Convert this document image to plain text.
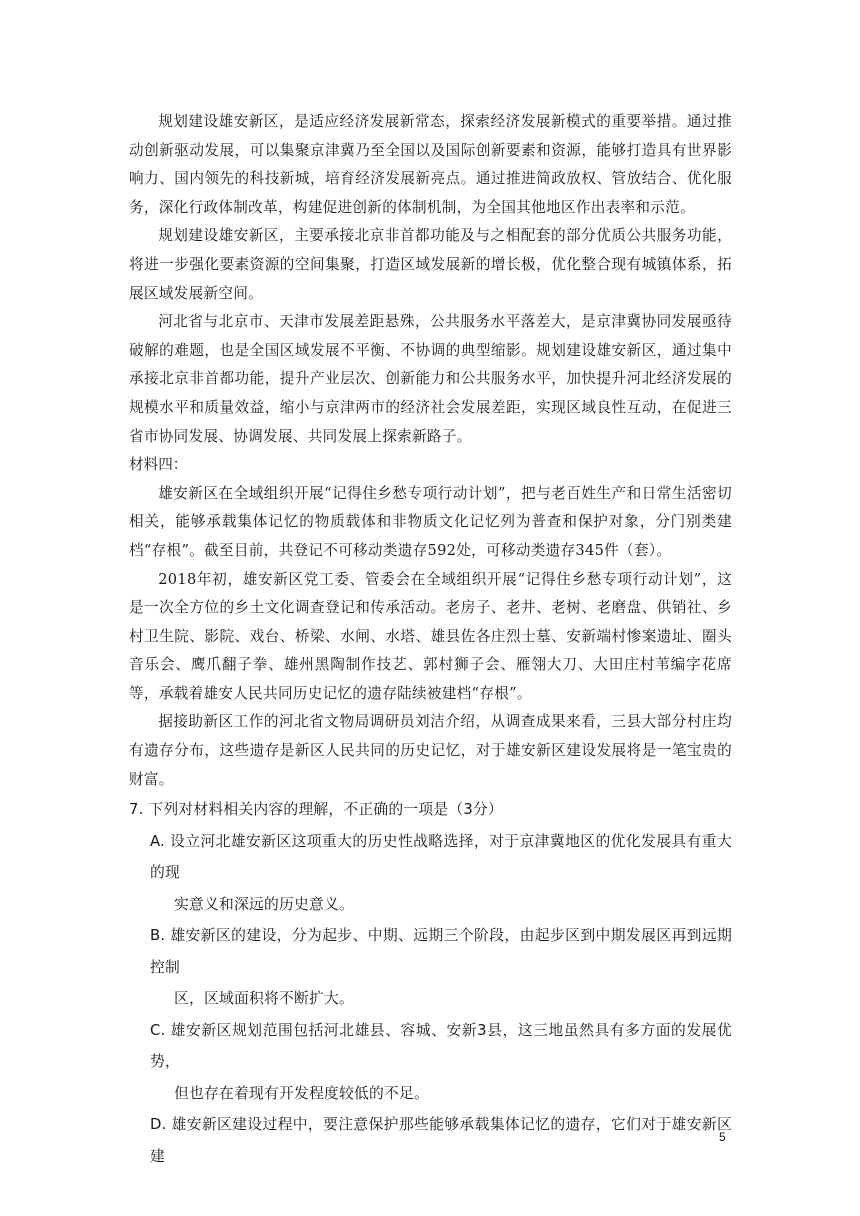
规划建设雄安新区，是适应经济发展新常态，探索经济发展新模式的重要举措。通过推动创新驱动发展，可以集聚京津冀乃至全国以及国际创新要素和资源，能够打造具有世界影响力、国内领先的科技新城，培育经济发展新亮点。通过推进简政放权、管放结合、优化服务，深化行政体制改革，构建促进创新的体制机制，为全国其他地区作出表率和示范。

规划建设雄安新区，主要承接北京非首都功能及与之相配套的部分优质公共服务功能，将进一步强化要素资源的空间集聚，打造区域发展新的增长极，优化整合现有城镇体系，拓展区域发展新空间。

河北省与北京市、天津市发展差距悬殊，公共服务水平落差大，是京津冀协同发展亟待破解的难题，也是全国区域发展不平衡、不协调的典型缩影。规划建设雄安新区，通过集中承接北京非首都功能，提升产业层次、创新能力和公共服务水平，加快提升河北经济发展的规模水平和质量效益，缩小与京津两市的经济社会发展差距，实现区域良性互动，在促进三省市协同发展、协调发展、共同发展上探索新路子。

材料四：

雄安新区在全域组织开展“记得住乡愁专项行动计划”，把与老百姓生产和日常生活密切相关，能够承载集体记忆的物质载体和非物质文化记忆列为普查和保护对象，分门别类建档“存根”。截至目前，共登记不可移动类遗存592处，可移动类遗存345件（套）。

2018年初，雄安新区党工委、管委会在全域组织开展“记得住乡愁专项行动计划”，这是一次全方位的乡土文化调查登记和传承活动。老房子、老井、老树、老磨盘、供销社、乡村卫生院、影院、戏台、桥梁、水闸、水塔、雄县佐各庄烈士墓、安新端村惨案遗址、圈头音乐会、鹰爪翻子拳、雄州黑陶制作技艺、郭村狮子会、雁翎大刀、大田庄村苇编字花席等，承载着雄安人民共同历史记忆的遗存陆续被建档“存根”。

据接助新区工作的河北省文物局调研员刘洁介绍，从调查成果来看，三县大部分村庄均有遗存分布，这些遗存是新区人民共同的历史记忆，对于雄安新区建设发展将是一笔宝贵的财富。

7. 下列对材料相关内容的理解，不正确的一项是（3分）

A. 设立河北雄安新区这项重大的历史性战略选择，对于京津冀地区的优化发展具有重大的现
实意义和深远的历史意义。

B. 雄安新区的建设，分为起步、中期、远期三个阶段，由起步区到中期发展区再到远期控制
区，区域面积将不断扩大。

C. 雄安新区规划范围包括河北雄县、容城、安新3县，这三地虽然具有多方面的发展优势，
但也存在着现有开发程度较低的不足。

D. 雄安新区建设过程中，要注意保护那些能够承载集体记忆的遗存，它们对于雄安新区建

5
